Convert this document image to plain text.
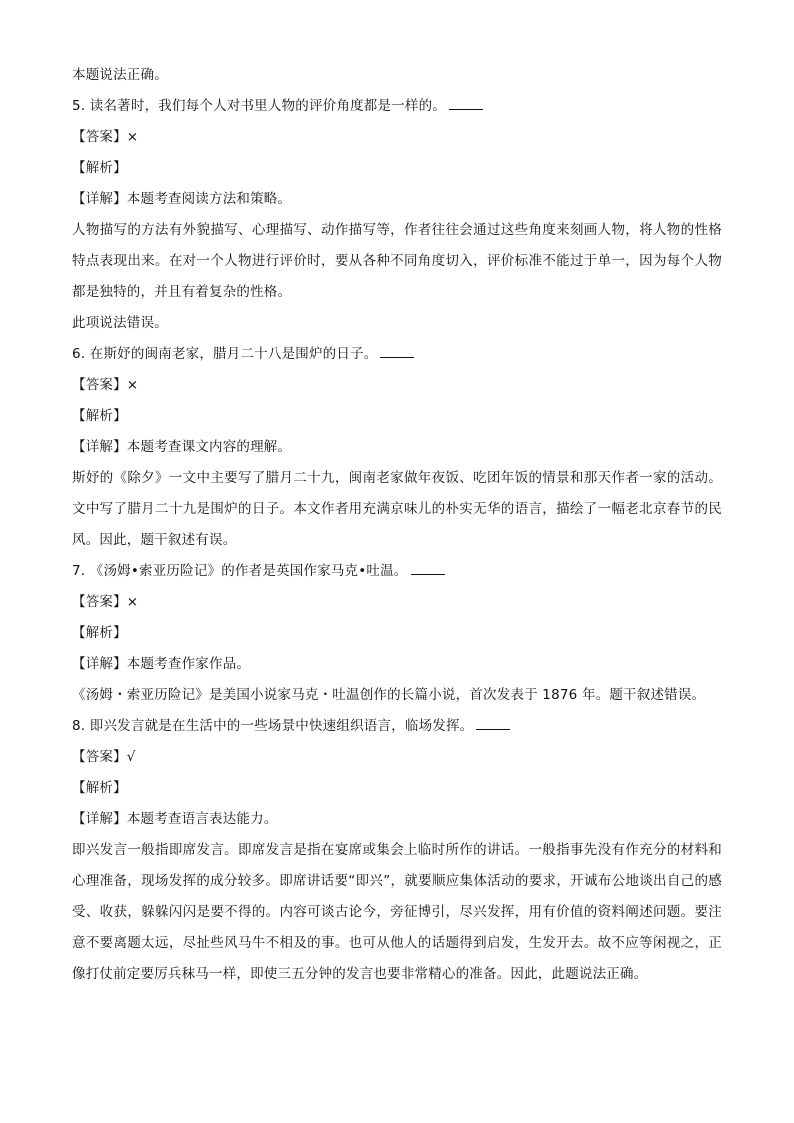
本题说法正确。
5. 读名著时，我们每个人对书里人物的评价角度都是一样的。
【答案】×
【解析】
【详解】本题考查阅读方法和策略。
人物描写的方法有外貌描写、心理描写、动作描写等，作者往往会通过这些角度来刻画人物，将人物的性格特点表现出来。在对一个人物进行评价时，要从各种不同角度切入，评价标准不能过于单一，因为每个人物都是独特的，并且有着复杂的性格。
此项说法错误。
6. 在斯妤的闽南老家，腊月二十八是围炉的日子。
【答案】×
【解析】
【详解】本题考查课文内容的理解。
斯妤的《除夕》一文中主要写了腊月二十九，闽南老家做年夜饭、吃团年饭的情景和那天作者一家的活动。文中写了腊月二十九是围炉的日子。本文作者用充满京味儿的朴实无华的语言，描绘了一幅老北京春节的民风。因此，题干叙述有误。
7. 《汤姆•索亚历险记》的作者是英国作家马克•吐温。
【答案】×
【解析】
【详解】本题考查作家作品。
《汤姆・索亚历险记》是美国小说家马克・吐温创作的长篇小说，首次发表于 1876 年。题干叙述错误。
8. 即兴发言就是在生活中的一些场景中快速组织语言，临场发挥。
【答案】√
【解析】
【详解】本题考查语言表达能力。
即兴发言一般指即席发言。即席发言是指在宴席或集会上临时所作的讲话。一般指事先没有作充分的材料和心理准备，现场发挥的成分较多。即席讲话要“即兴”，就要顺应集体活动的要求，开诚布公地谈出自己的感受、收获，躲躲闪闪是要不得的。内容可谈古论今，旁征博引，尽兴发挥，用有价值的资料阐述问题。要注意不要离题太远，尽扯些风马牛不相及的事。也可从他人的话题得到启发，生发开去。故不应等闲视之，正像打仗前定要厉兵秣马一样，即使三五分钟的发言也要非常精心的准备。因此，此题说法正确。
